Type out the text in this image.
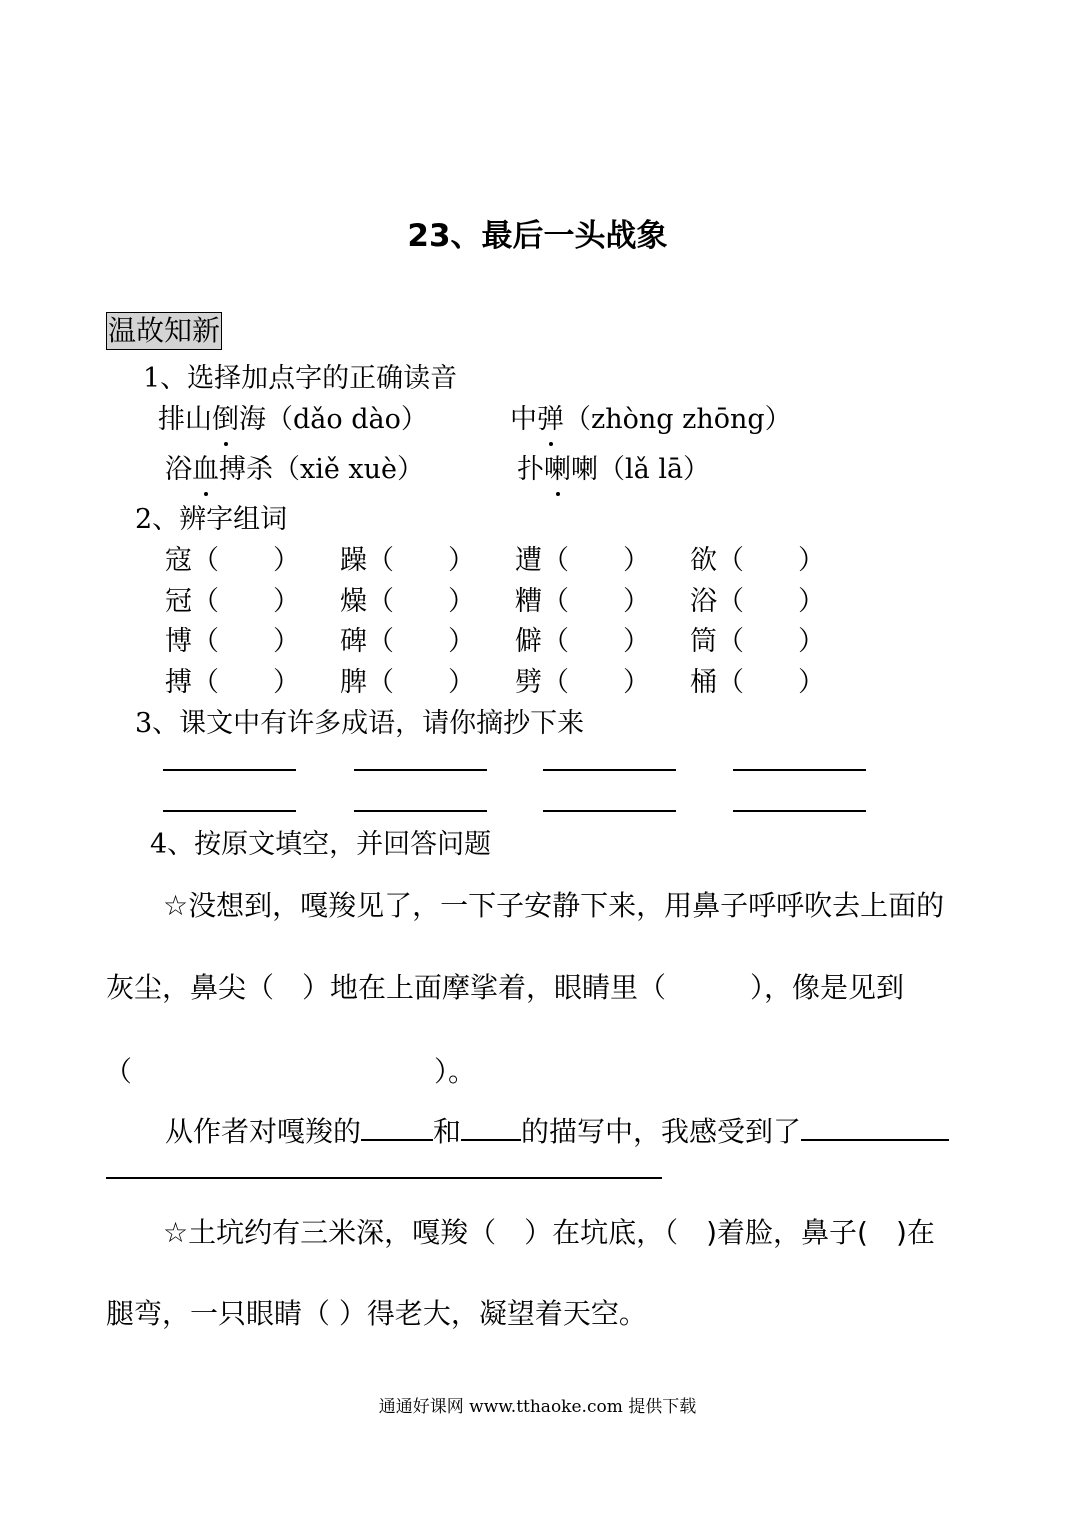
23、最后一头战象
温故知新
1、选择加点字的正确读音
排山倒海（dǎo dào）	中弹（zhòng zhōng）
浴血搏杀（xiě xuè）	扑喇喇（lǎ lā）
2、辨字组词
寇（　　） 躁（　　） 遭（　　） 欲（　　）
冠（　　） 燥（　　） 糟（　　） 浴（　　）
博（　　） 碑（　　） 僻（　　） 筒（　　）
搏（　　） 脾（　　） 劈（　　） 桶（　　）
3、课文中有许多成语，请你摘抄下来
4、按原文填空，并回答问题
☆没想到，嘎羧见了，一下子安静下来，用鼻子呼呼吹去上面的
灰尘，鼻尖（　）地在上面摩挲着，眼睛里（　　　），像是见到
（	）。
从作者对嘎羧的	和 的描写中，我感受到了
☆土坑约有三米深，嘎羧（　）在坑底，（　)着脸，鼻子(　)在
腿弯，一只眼睛（ ）得老大，凝望着天空。
通通好课网 www.tthaoke.com 提供下载
